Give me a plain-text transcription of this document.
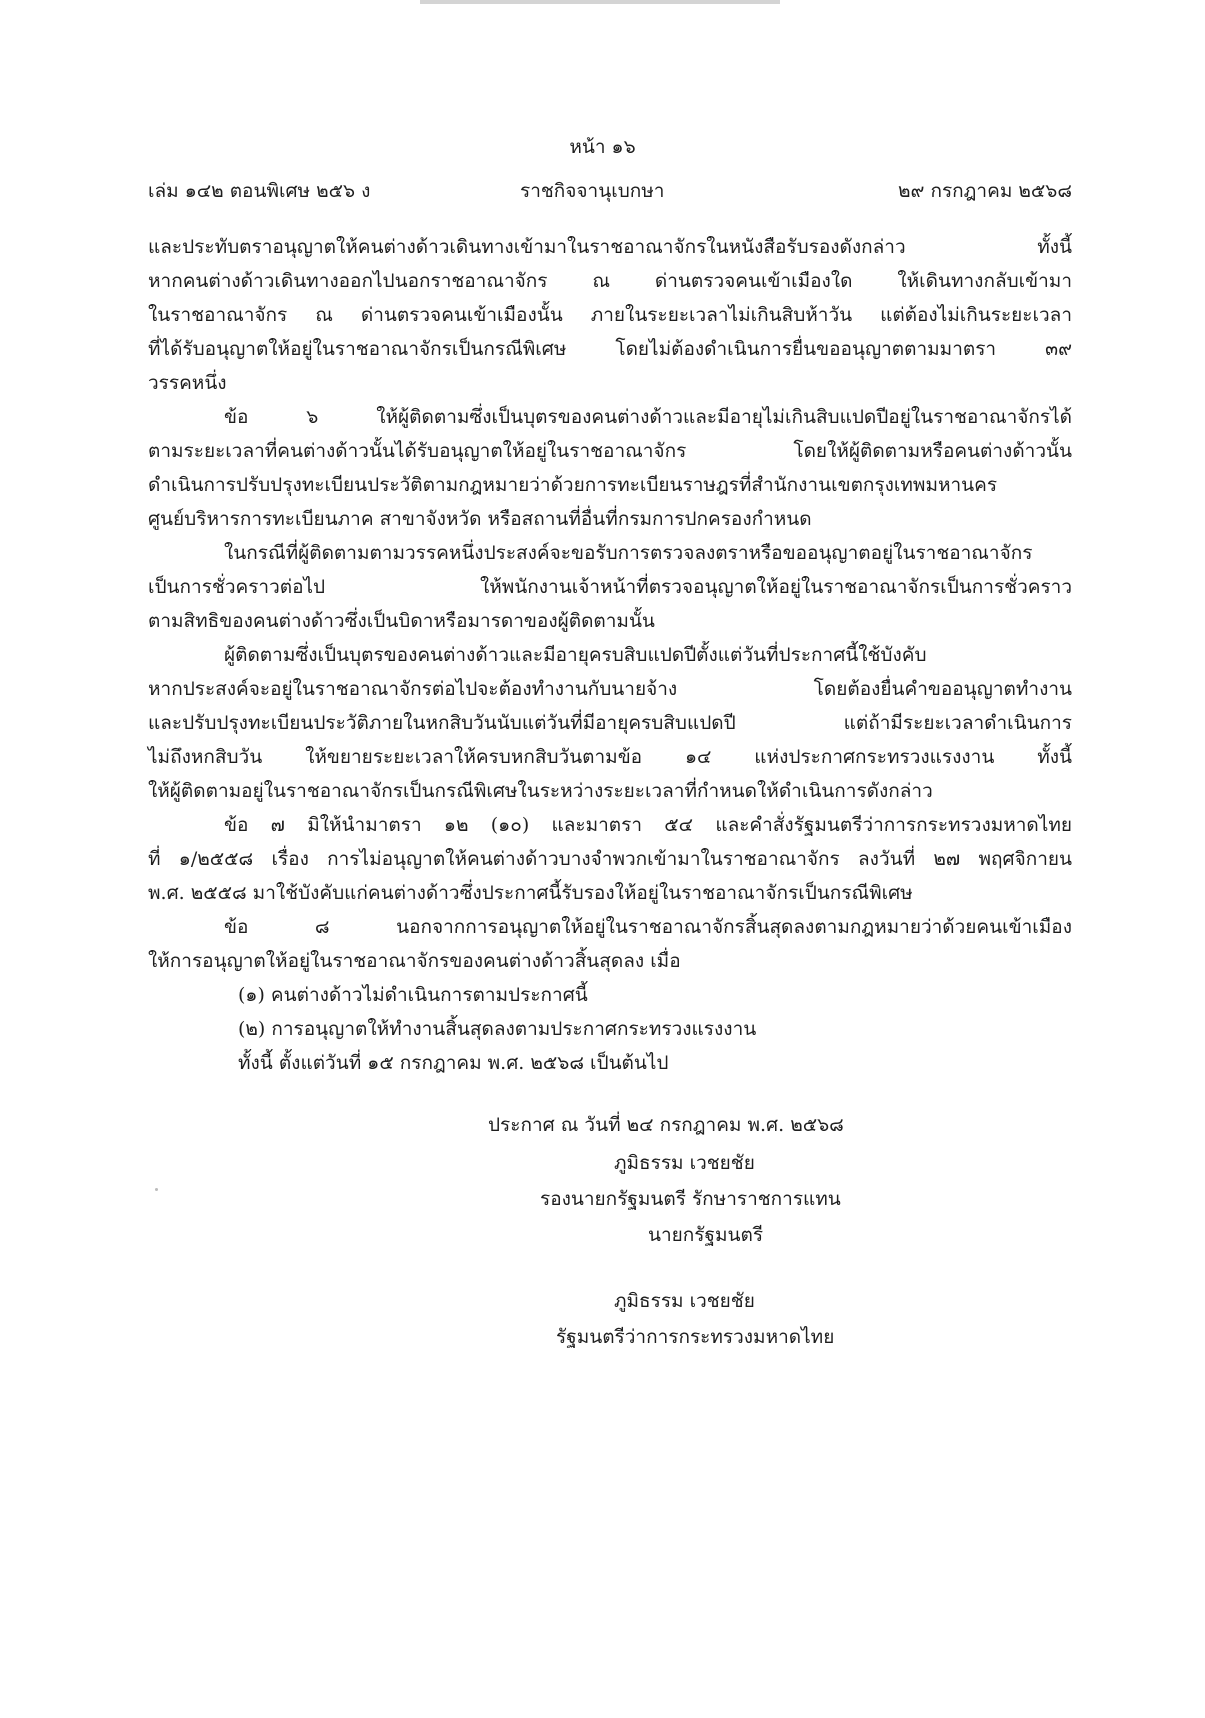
หน้า ๑๖
เล่ม ๑๔๒ ตอนพิเศษ ๒๕๖ ง	ราชกิจจานุเบกษา	๒๙ กรกฎาคม ๒๕๖๘
และประทับตราอนุญาตให้คนต่างด้าวเดินทางเข้ามาในราชอาณาจักรในหนังสือรับรองดังกล่าว ทั้งนี้
หากคนต่างด้าวเดินทางออกไปนอกราชอาณาจักร ณ ด่านตรวจคนเข้าเมืองใด ให้เดินทางกลับเข้ามา
ในราชอาณาจักร ณ ด่านตรวจคนเข้าเมืองนั้น ภายในระยะเวลาไม่เกินสิบห้าวัน แต่ต้องไม่เกินระยะเวลา
ที่ได้รับอนุญาตให้อยู่ในราชอาณาจักรเป็นกรณีพิเศษ โดยไม่ต้องดำเนินการยื่นขออนุญาตตามมาตรา ๓๙
วรรคหนึ่ง
ข้อ ๖ ให้ผู้ติดตามซึ่งเป็นบุตรของคนต่างด้าวและมีอายุไม่เกินสิบแปดปีอยู่ในราชอาณาจักรได้
ตามระยะเวลาที่คนต่างด้าวนั้นได้รับอนุญาตให้อยู่ในราชอาณาจักร โดยให้ผู้ติดตามหรือคนต่างด้าวนั้น
ดำเนินการปรับปรุงทะเบียนประวัติตามกฎหมายว่าด้วยการทะเบียนราษฎรที่สำนักงานเขตกรุงเทพมหานคร
ศูนย์บริหารการทะเบียนภาค สาขาจังหวัด หรือสถานที่อื่นที่กรมการปกครองกำหนด
ในกรณีที่ผู้ติดตามตามวรรคหนึ่งประสงค์จะขอรับการตรวจลงตราหรือขออนุญาตอยู่ในราชอาณาจักร
เป็นการชั่วคราวต่อไป ให้พนักงานเจ้าหน้าที่ตรวจอนุญาตให้อยู่ในราชอาณาจักรเป็นการชั่วคราว
ตามสิทธิของคนต่างด้าวซึ่งเป็นบิดาหรือมารดาของผู้ติดตามนั้น
ผู้ติดตามซึ่งเป็นบุตรของคนต่างด้าวและมีอายุครบสิบแปดปีตั้งแต่วันที่ประกาศนี้ใช้บังคับ
หากประสงค์จะอยู่ในราชอาณาจักรต่อไปจะต้องทำงานกับนายจ้าง โดยต้องยื่นคำขออนุญาตทำงาน
และปรับปรุงทะเบียนประวัติภายในหกสิบวันนับแต่วันที่มีอายุครบสิบแปดปี แต่ถ้ามีระยะเวลาดำเนินการ
ไม่ถึงหกสิบวัน ให้ขยายระยะเวลาให้ครบหกสิบวันตามข้อ ๑๔ แห่งประกาศกระทรวงแรงงาน ทั้งนี้
ให้ผู้ติดตามอยู่ในราชอาณาจักรเป็นกรณีพิเศษในระหว่างระยะเวลาที่กำหนดให้ดำเนินการดังกล่าว
ข้อ ๗ มิให้นำมาตรา ๑๒ (๑๐) และมาตรา ๕๔ และคำสั่งรัฐมนตรีว่าการกระทรวงมหาดไทย
ที่ ๑/๒๕๕๘ เรื่อง การไม่อนุญาตให้คนต่างด้าวบางจำพวกเข้ามาในราชอาณาจักร ลงวันที่ ๒๗ พฤศจิกายน
พ.ศ. ๒๕๕๘ มาใช้บังคับแก่คนต่างด้าวซึ่งประกาศนี้รับรองให้อยู่ในราชอาณาจักรเป็นกรณีพิเศษ
ข้อ ๘ นอกจากการอนุญาตให้อยู่ในราชอาณาจักรสิ้นสุดลงตามกฎหมายว่าด้วยคนเข้าเมือง
ให้การอนุญาตให้อยู่ในราชอาณาจักรของคนต่างด้าวสิ้นสุดลง เมื่อ
(๑) คนต่างด้าวไม่ดำเนินการตามประกาศนี้
(๒) การอนุญาตให้ทำงานสิ้นสุดลงตามประกาศกระทรวงแรงงาน
ทั้งนี้ ตั้งแต่วันที่ ๑๕ กรกฎาคม พ.ศ. ๒๕๖๘ เป็นต้นไป
ประกาศ ณ วันที่ ๒๔ กรกฎาคม พ.ศ. ๒๕๖๘
ภูมิธรรม เวชยชัย
รองนายกรัฐมนตรี รักษาราชการแทน
นายกรัฐมนตรี
ภูมิธรรม เวชยชัย
รัฐมนตรีว่าการกระทรวงมหาดไทย
